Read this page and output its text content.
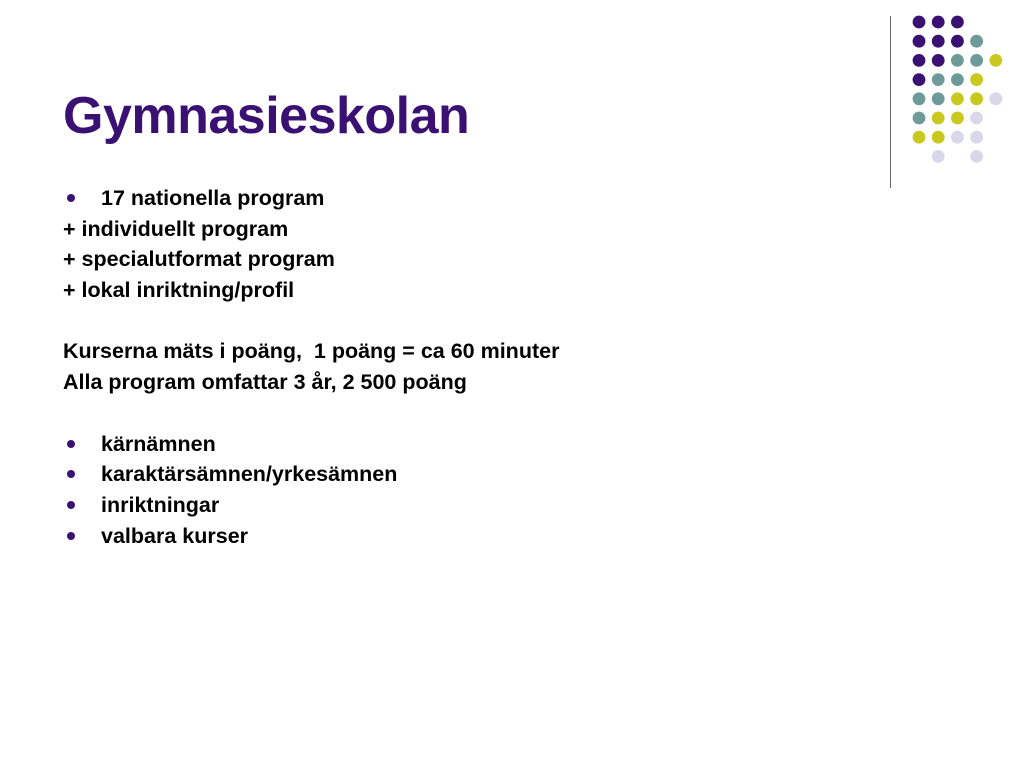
Gymnasieskolan
17 nationella program
+ individuellt program
+ specialutformat program
+ lokal inriktning/profil
Kurserna mäts i poäng,  1 poäng = ca 60 minuter
Alla program omfattar 3 år, 2 500 poäng
kärnämnen
karaktärsämnen/yrkesämnen
inriktningar
valbara kurser
